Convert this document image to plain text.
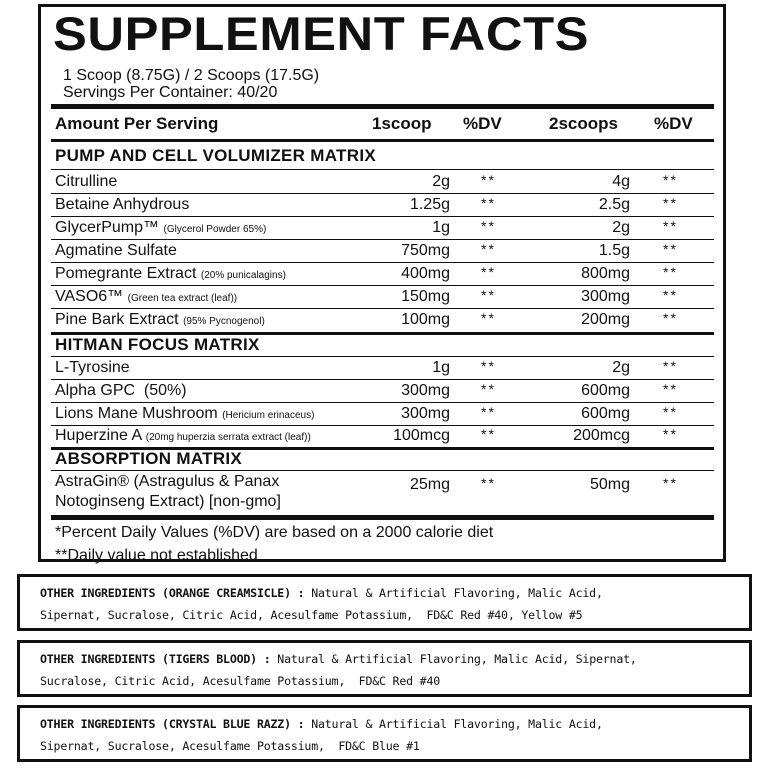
SUPPLEMENT FACTS
1 Scoop (8.75G) / 2 Scoops (17.5G)
Servings Per Container: 40/20
Amount Per Serving	1scoop %DV	2scoops %DV
PUMP AND CELL VOLUMIZER MATRIX
Citrulline	2g **	4g **
Betaine Anhydrous	1.25g **	2.5g **
GlycerPump™ (Glycerol Powder 65%)	1g **	2g **
Agmatine Sulfate	750mg **	1.5g **
Pomegrante Extract (20% punicalagins)	400mg **	800mg **
VASO6™ (Green tea extract (leaf))	150mg **	300mg **
Pine Bark Extract (95% Pycnogenol)	100mg **	200mg **
HITMAN FOCUS MATRIX
L-Tyrosine	1g **	2g **
Alpha GPC  (50%)	300mg **	600mg **
Lions Mane Mushroom (Hericium erinaceus)	300mg **	600mg **
Huperzine A (20mg huperzia serrata extract (leaf))	100mcg **	200mcg **
ABSORPTION MATRIX
AstraGin® (Astragulus & Panax
Notoginseng Extract) [non-gmo]
25mg **	50mg **
*Percent Daily Values (%DV) are based on a 2000 calorie diet
**Daily value not established
OTHER INGREDIENTS (ORANGE CREAMSICLE) : Natural & Artificial Flavoring, Malic Acid,
Sipernat, Sucralose, Citric Acid, Acesulfame Potassium,  FD&C Red #40, Yellow #5
OTHER INGREDIENTS (TIGERS BLOOD) : Natural & Artificial Flavoring, Malic Acid, Sipernat,
Sucralose, Citric Acid, Acesulfame Potassium,  FD&C Red #40
OTHER INGREDIENTS (CRYSTAL BLUE RAZZ) : Natural & Artificial Flavoring, Malic Acid,
Sipernat, Sucralose, Acesulfame Potassium,  FD&C Blue #1
